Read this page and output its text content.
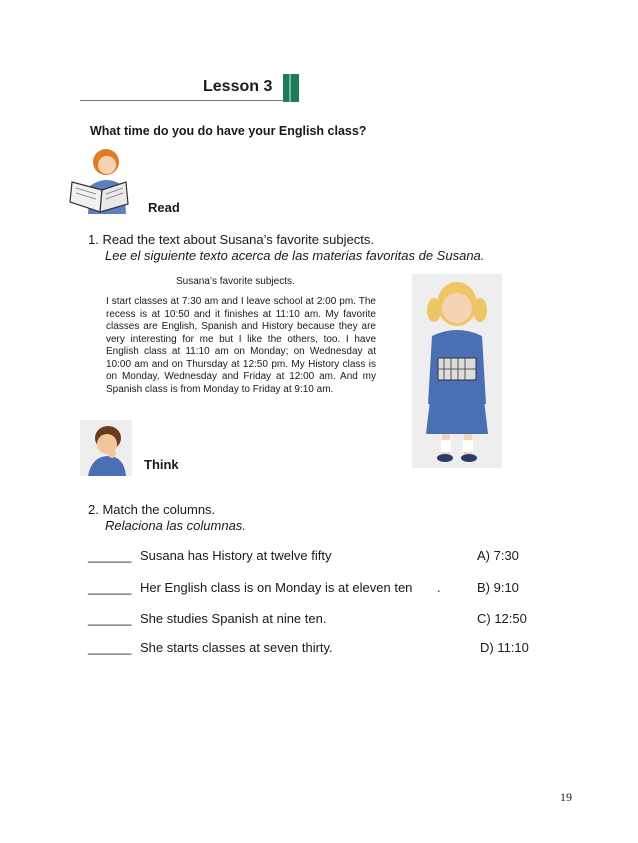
Lesson 3
What time do you do have your English class?
Read
1. Read the text about Susana’s favorite subjects.
Lee el siguiente texto acerca de las materias favoritas de Susana.
Susana’s favorite subjects.
I start classes at 7:30 am and I leave school at 2:00 pm. The recess is at 10:50 and it finishes at 11:10 am. My favorite classes are English, Spanish and History because they are very interesting for me but I like the others, too. I have English class at 11:10 am on Monday; on Wednesday at 10:00 am and on Thursday at 12:50 pm. My History class is on Monday, Wednesday and Friday at 12:00 am. And my Spanish class is from Monday to Friday at 9:10 am.
Think
2. Match the columns.
Relaciona las columnas.
______ Susana has History at twelve fifty	A) 7:30
______ Her English class is on Monday is at eleven ten .	B) 9:10
______ She studies Spanish at nine ten.	C) 12:50
______ She starts classes at seven thirty.	D) 11:10
19
